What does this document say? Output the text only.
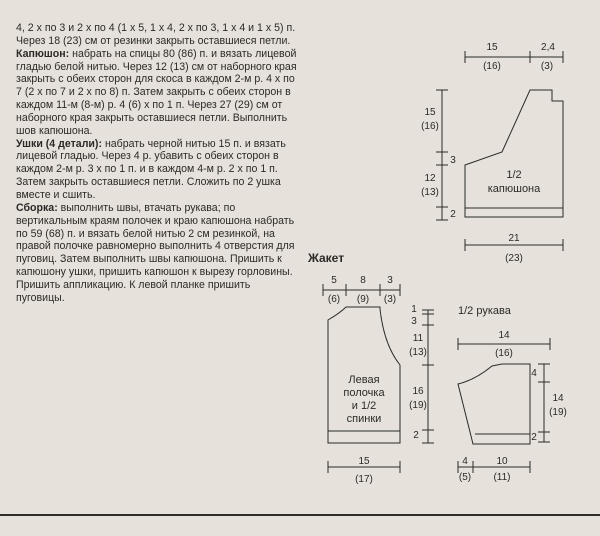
4, 2 х по 3 и 2 х по 4 (1 х 5, 1 х 4, 2 х по 3, 1 х 4 и 1 х 5) п. Через 18 (23) см от резинки закрыть оставшиеся петли.

Капюшон: набрать на спицы 80 (86) п. и вязать лицевой гладью белой нитью. Через 12 (13) см от наборного края закрыть с обеих сторон для скоса в каждом 2-м р. 4 х по 7 (2 х по 7 и 2 х по 8) п. Затем закрыть с обеих сторон в каждом 11-м (8-м) р. 4 (6) х по 1 п. Через 27 (29) см от наборного края закрыть оставшиеся петли. Выполнить шов капюшона.

Ушки (4 детали): набрать черной нитью 15 п. и вязать лицевой гладью. Через 4 р. убавить с обеих сторон в каждом 2-м р. 3 х по 1 п. и в каждом 4-м р. 2 х по 1 п. Затем закрыть оставшиеся петли. Сложить по 2 ушка вместе и сшить.

Сборка: выполнить швы, втачать рукава; по вертикальным краям полочек и краю капюшона набрать по 59 (68) п. и вязать белой нитью 2 см резинкой, на правой полочке равномерно выполнить 4 отверстия для пуговиц. Затем выполнить швы капюшона. Пришить к капюшону ушки, пришить капюшон к вырезу горловины. Пришить аппликацию. К левой планке пришить пуговицы.

15
(16)
2,4
(3)
15
(16)
3
12
(13)
2
1/2
капюшона
21
(23)
Жакет
5
(6)
8
(9)
3
(3)
1
3
11
(13)
16
(19)
2
Левая
полочка
и 1/2
спинки
15
(17)
1/2 рукава
14
(16)
4
14
(19)
2
4
(5)
10
(11)
